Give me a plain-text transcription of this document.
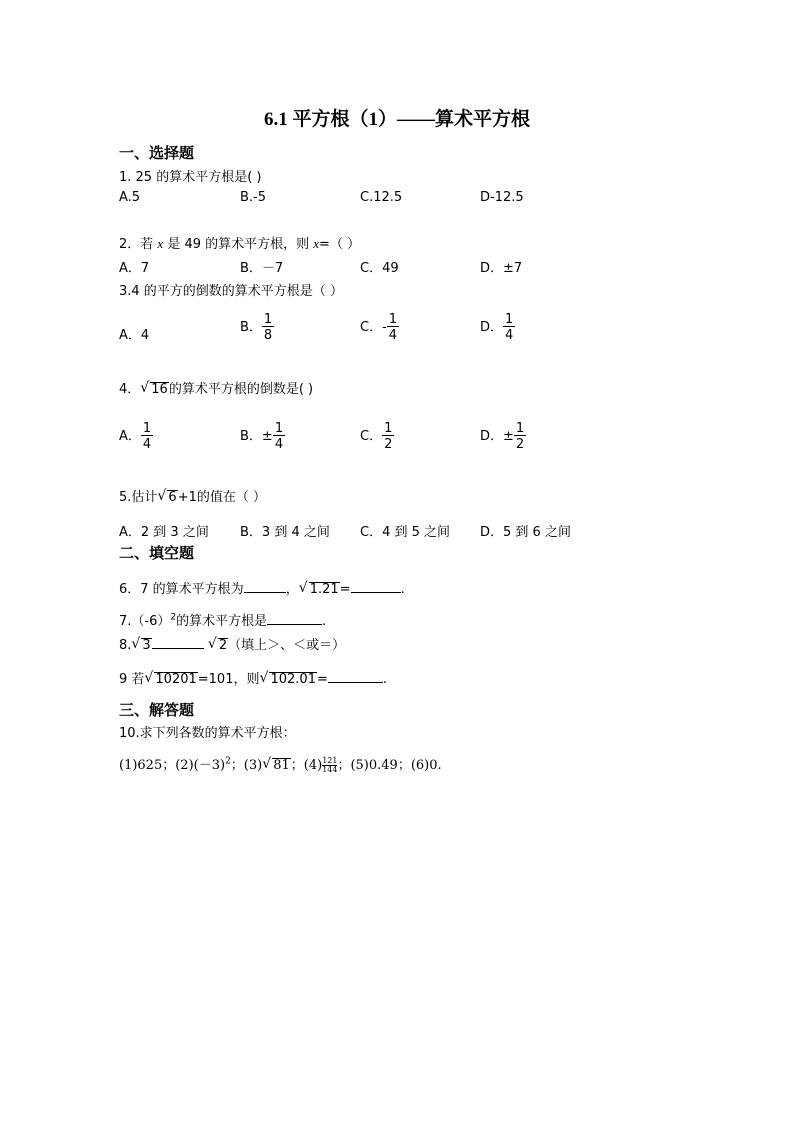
6.1 平方根（1）——算术平方根
一、选择题
1. 25 的算术平方根是( )
A.5	B.-5	C.12.5	D-12.5
2．若 x 是 49 的算术平方根，则 x=（ ）
A．7	B．－7	C．49	D．±7
3.4 的平方的倒数的算术平方根是（ ）
A．4
B． $\frac{1}{8}$	C．- $\frac{1}{4}$	D． $\frac{1}{4}$
4． √ 16的算术平方根的倒数是( )
A． $\frac{1}{4}$	B．± $\frac{1}{4}$	C． $\frac{1}{2}$	D．± $\frac{1}{2}$
5.估计 √ 6+1的值在（ ）
A．2 到 3 之间 B．3 到 4 之间 C．4 到 5 之间 D．5 到 6 之间
二、填空题
6．7 的算术平方根为	， √ 1.21=	.
$7.(-6)^2$的算术平方根是	.
8. √ 3	√ 2（填上＞、＜或＝）
9 若 √ 10201=101，则 √ 102.01=	.
三、解答题
10.求下列各数的算术平方根：
(1)625；$(2)(-3)^2$；(3) √ 81；$(4) \frac{121}{144}$ ；(5)0.49；(6)0.
